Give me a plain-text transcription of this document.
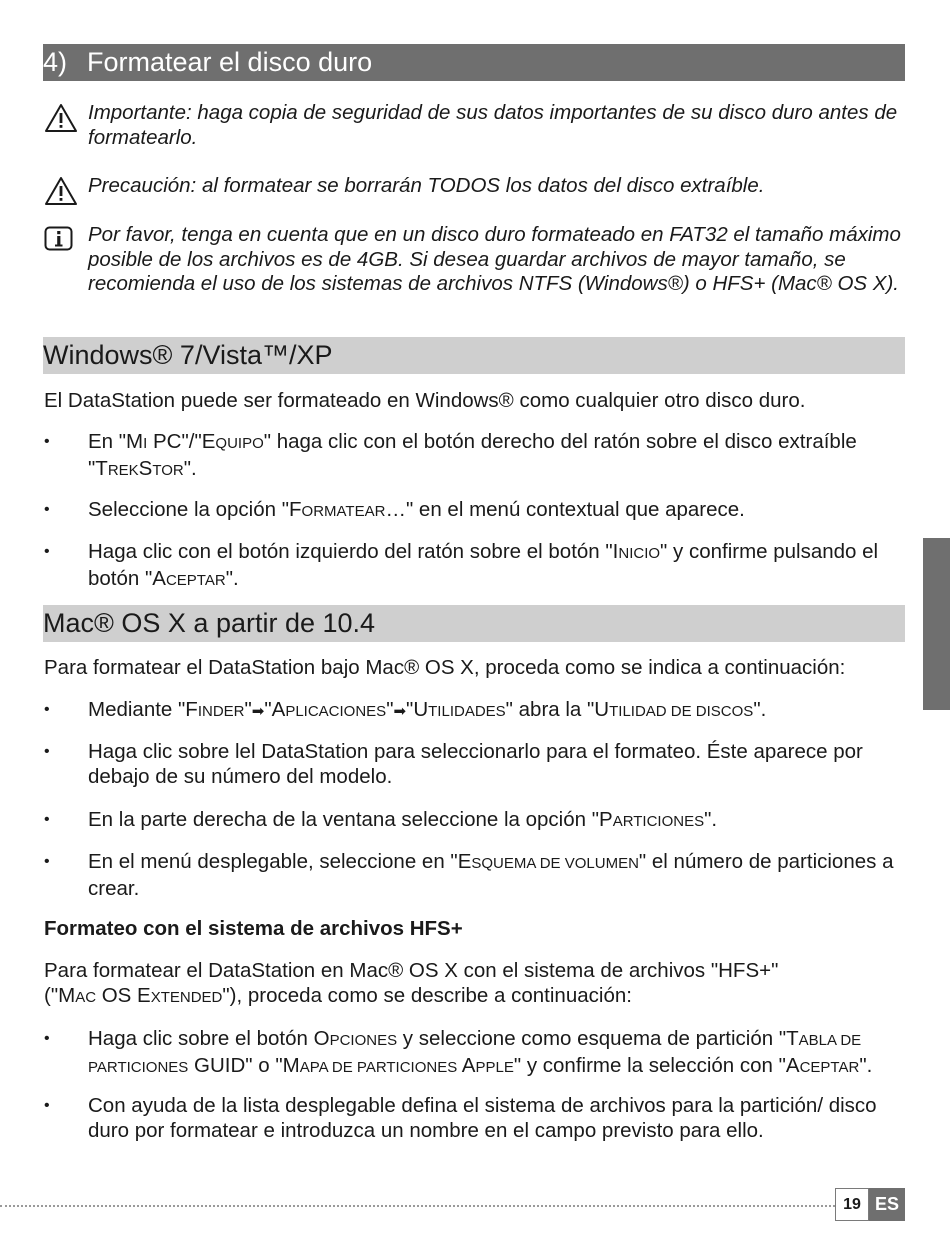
4) Formatear el disco duro
Importante: haga copia de seguridad de sus datos importantes de su disco duro antes de formatearlo.
Precaución: al formatear se borrarán TODOS los datos del disco extraíble.
Por favor, tenga en cuenta que en un disco duro formateado en FAT32 el tamaño máximo posible de los archivos es de 4GB. Si desea guardar archivos de mayor tamaño, se recomienda el uso de los sistemas de archivos NTFS (Windows®) o HFS+ (Mac® OS X).
Windows® 7/Vista™/XP
El DataStation puede ser formateado en Windows® como cualquier otro disco duro.
•	En "MI PC"/"EQUIPO" haga clic con el botón derecho del ratón sobre el disco extraíble "TREKSTOR".
•	Seleccione la opción "FORMATEAR…" en el menú contextual que aparece.
•	Haga clic con el botón izquierdo del ratón sobre el botón "INICIO" y confirme pulsando el botón "ACEPTAR".
Mac® OS X a partir de 10.4
Para formatear el DataStation bajo Mac® OS X, proceda como se indica a continuación:
•	Mediante "FINDER"➡"APLICACIONES"➡"UTILIDADES" abra la "UTILIDAD DE DISCOS".
•	Haga clic sobre lel DataStation para seleccionarlo para el formateo. Éste aparece por debajo de su número del modelo.
•	En la parte derecha de la ventana seleccione la opción "PARTICIONES".
•	En el menú desplegable, seleccione en "ESQUEMA DE VOLUMEN" el número de particiones a crear.
Formateo con el sistema de archivos HFS+
Para formatear el DataStation en Mac® OS X con el sistema de archivos "HFS+"
("MAC OS EXTENDED"), proceda como se describe a continuación:
•	Haga clic sobre el botón OPCIONES y seleccione como esquema de partición "TABLA DE PARTICIONES GUID" o "MAPA DE PARTICIONES APPLE" y confirme la selección con "ACEPTAR".
•	Con ayuda de la lista desplegable defina el sistema de archivos para la partición/ disco duro por formatear e introduzca un nombre en el campo previsto para ello.
19 ES
